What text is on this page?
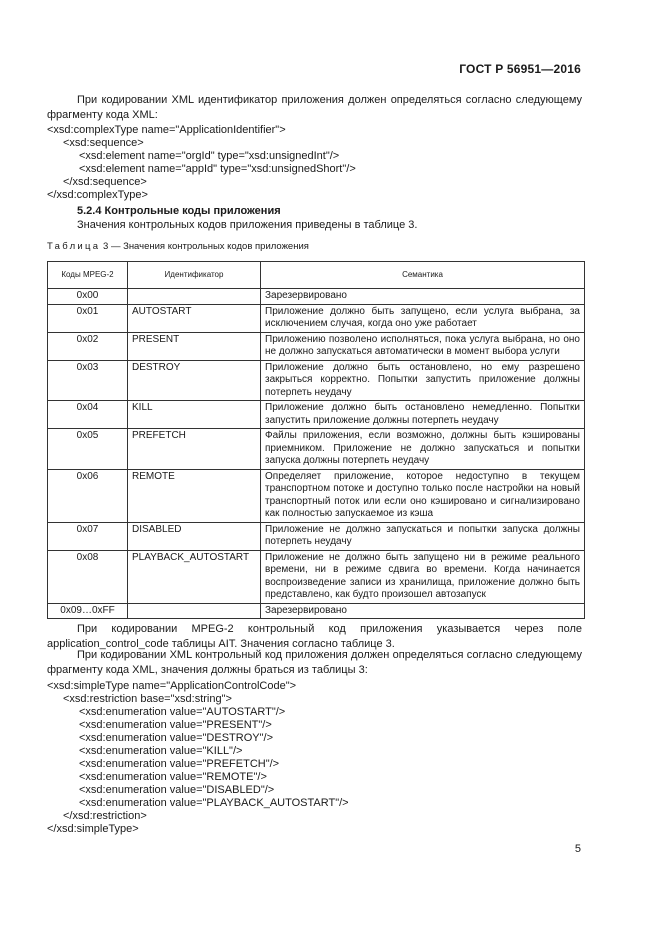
ГОСТ Р 56951—2016
При кодировании XML идентификатор приложения должен определяться согласно следующему фрагменту кода XML:
<xsd:complexType name="ApplicationIdentifier">
<xsd:sequence>
<xsd:element name="orgId" type="xsd:unsignedInt"/>
<xsd:element name="appId" type="xsd:unsignedShort"/>
</xsd:sequence>
</xsd:complexType>
5.2.4 Контрольные коды приложения
Значения контрольных кодов приложения приведены в таблице 3.
Таблица 3 — Значения контрольных кодов приложения
Коды MPEG-2	Идентификатор	Семантика
0x00		Зарезервировано
0x01	AUTOSTART	Приложение должно быть запущено, если услуга выбрана, за исключением случая, когда оно уже работает
0x02	PRESENT	Приложению позволено исполняться, пока услуга выбрана, но оно не должно запускаться автоматически в момент выбора услуги
0x03	DESTROY	Приложение должно быть остановлено, но ему разрешено закрыться корректно. Попытки запустить приложение должны потерпеть неудачу
0x04	KILL	Приложение должно быть остановлено немедленно. Попытки запустить приложение должны потерпеть неудачу
0x05	PREFETCH	Файлы приложения, если возможно, должны быть кэшированы приемником. Приложение не должно запускаться и попытки запуска должны потерпеть неудачу
0x06	REMOTE	Определяет приложение, которое недоступно в текущем транспортном потоке и доступно только после настройки на новый транспортный поток или если оно кэшировано и сигнализировано как полностью запускаемое из кэша
0x07	DISABLED	Приложение не должно запускаться и попытки запуска должны потерпеть неудачу
0x08	PLAYBACK_AUTOSTART	Приложение не должно быть запущено ни в режиме реального времени, ни в режиме сдвига во времени. Когда начинается воспроизведение записи из хранилища, приложение должно быть представлено, как будто произошел автозапуск
0x09…0xFF		Зарезервировано
При кодировании MPEG-2 контрольный код приложения указывается через поле application_control_code таблицы AIT. Значения согласно таблице 3.
При кодировании XML контрольный код приложения должен определяться согласно следующему фрагменту кода XML, значения должны браться из таблицы 3:
<xsd:simpleType name="ApplicationControlCode">
<xsd:restriction base="xsd:string">
<xsd:enumeration value="AUTOSTART"/>
<xsd:enumeration value="PRESENT"/>
<xsd:enumeration value="DESTROY"/>
<xsd:enumeration value="KILL"/>
<xsd:enumeration value="PREFETCH"/>
<xsd:enumeration value="REMOTE"/>
<xsd:enumeration value="DISABLED"/>
<xsd:enumeration value="PLAYBACK_AUTOSTART"/>
</xsd:restriction>
</xsd:simpleType>
5
